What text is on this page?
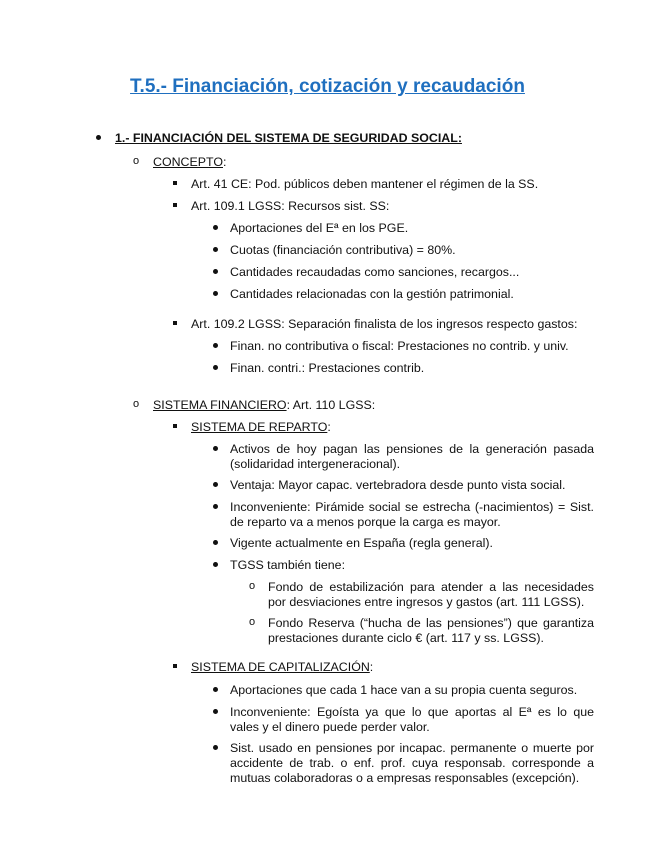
T.5.- Financiación, cotización y recaudación
1.- FINANCIACIÓN DEL SISTEMA DE SEGURIDAD SOCIAL:
o CONCEPTO:
Art. 41 CE: Pod. públicos deben mantener el régimen de la SS.
Art. 109.1 LGSS: Recursos sist. SS:
Aportaciones del Eª en los PGE.
Cuotas (financiación contributiva) = 80%.
Cantidades recaudadas como sanciones, recargos...
Cantidades relacionadas con la gestión patrimonial.
Art. 109.2 LGSS: Separación finalista de los ingresos respecto gastos:
Finan. no contributiva o fiscal: Prestaciones no contrib. y univ.
Finan. contri.: Prestaciones contrib.
o SISTEMA FINANCIERO: Art. 110 LGSS:
SISTEMA DE REPARTO:
Activos de hoy pagan las pensiones de la generación pasada
(solidaridad intergeneracional).
Ventaja: Mayor capac. vertebradora desde punto vista social.
Inconveniente: Pirámide social se estrecha (-nacimientos) = Sist.
de reparto va a menos porque la carga es mayor.
Vigente actualmente en España (regla general).
TGSS también tiene:
o Fondo de estabilización para atender a las necesidades
por desviaciones entre ingresos y gastos (art. 111 LGSS).
o Fondo Reserva (“hucha de las pensiones”) que garantiza
prestaciones durante ciclo € (art. 117 y ss. LGSS).
SISTEMA DE CAPITALIZACIÓN:
Aportaciones que cada 1 hace van a su propia cuenta seguros.
Inconveniente: Egoísta ya que lo que aportas al Eª es lo que
vales y el dinero puede perder valor.
Sist. usado en pensiones por incapac. permanente o muerte por
accidente de trab. o enf. prof. cuya responsab. corresponde a
mutuas colaboradoras o a empresas responsables (excepción).
